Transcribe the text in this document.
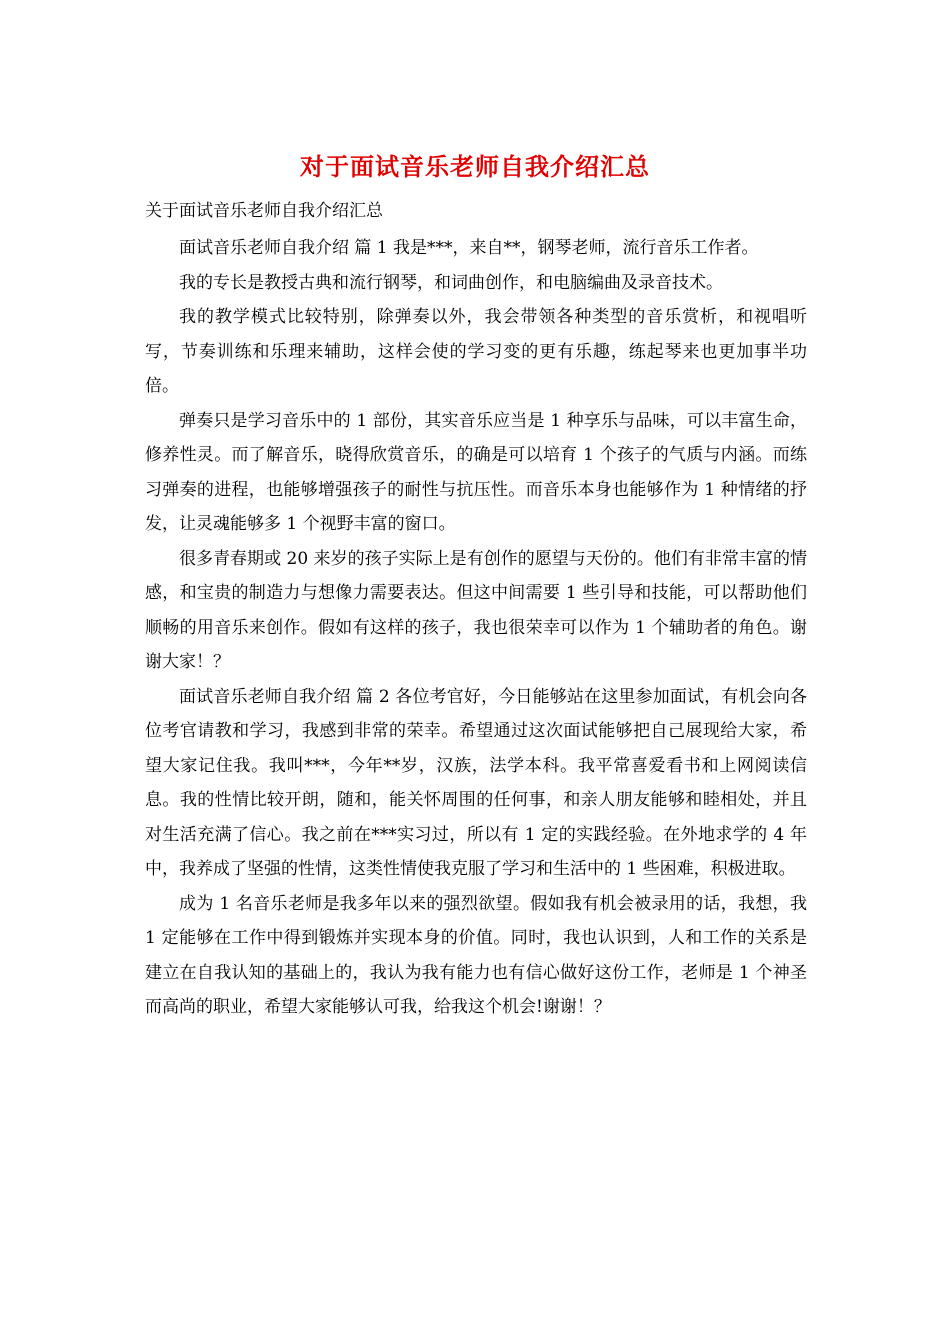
对于面试音乐老师自我介绍汇总
关于面试音乐老师自我介绍汇总

面试音乐老师自我介绍 篇 1 我是***，来自**，钢琴老师，流行音乐工作者。

我的专长是教授古典和流行钢琴，和词曲创作，和电脑编曲及录音技术。

我的教学模式比较特别，除弹奏以外，我会带领各种类型的音乐赏析，和视唱听写，节奏训练和乐理来辅助，这样会使的学习变的更有乐趣，练起琴来也更加事半功倍。

弹奏只是学习音乐中的 1 部份，其实音乐应当是 1 种享乐与品味，可以丰富生命，修养性灵。而了解音乐，晓得欣赏音乐，的确是可以培育 1 个孩子的气质与内涵。而练习弹奏的进程，也能够增强孩子的耐性与抗压性。而音乐本身也能够作为 1 种情绪的抒发，让灵魂能够多 1 个视野丰富的窗口。

很多青春期或 20 来岁的孩子实际上是有创作的愿望与天份的。他们有非常丰富的情感，和宝贵的制造力与想像力需要表达。但这中间需要 1 些引导和技能，可以帮助他们顺畅的用音乐来创作。假如有这样的孩子，我也很荣幸可以作为 1 个辅助者的角色。谢谢大家！？

面试音乐老师自我介绍 篇 2 各位考官好，今日能够站在这里参加面试，有机会向各位考官请教和学习，我感到非常的荣幸。希望通过这次面试能够把自己展现给大家，希望大家记住我。我叫***，今年**岁，汉族，法学本科。我平常喜爱看书和上网阅读信息。我的性情比较开朗，随和，能关怀周围的任何事，和亲人朋友能够和睦相处，并且对生活充满了信心。我之前在***实习过，所以有 1 定的实践经验。在外地求学的 4 年中，我养成了坚强的性情，这类性情使我克服了学习和生活中的 1 些困难，积极进取。

成为 1 名音乐老师是我多年以来的强烈欲望。假如我有机会被录用的话，我想，我 1 定能够在工作中得到锻炼并实现本身的价值。同时，我也认识到，人和工作的关系是建立在自我认知的基础上的，我认为我有能力也有信心做好这份工作，老师是 1 个神圣而高尚的职业，希望大家能够认可我，给我这个机会!谢谢！？
